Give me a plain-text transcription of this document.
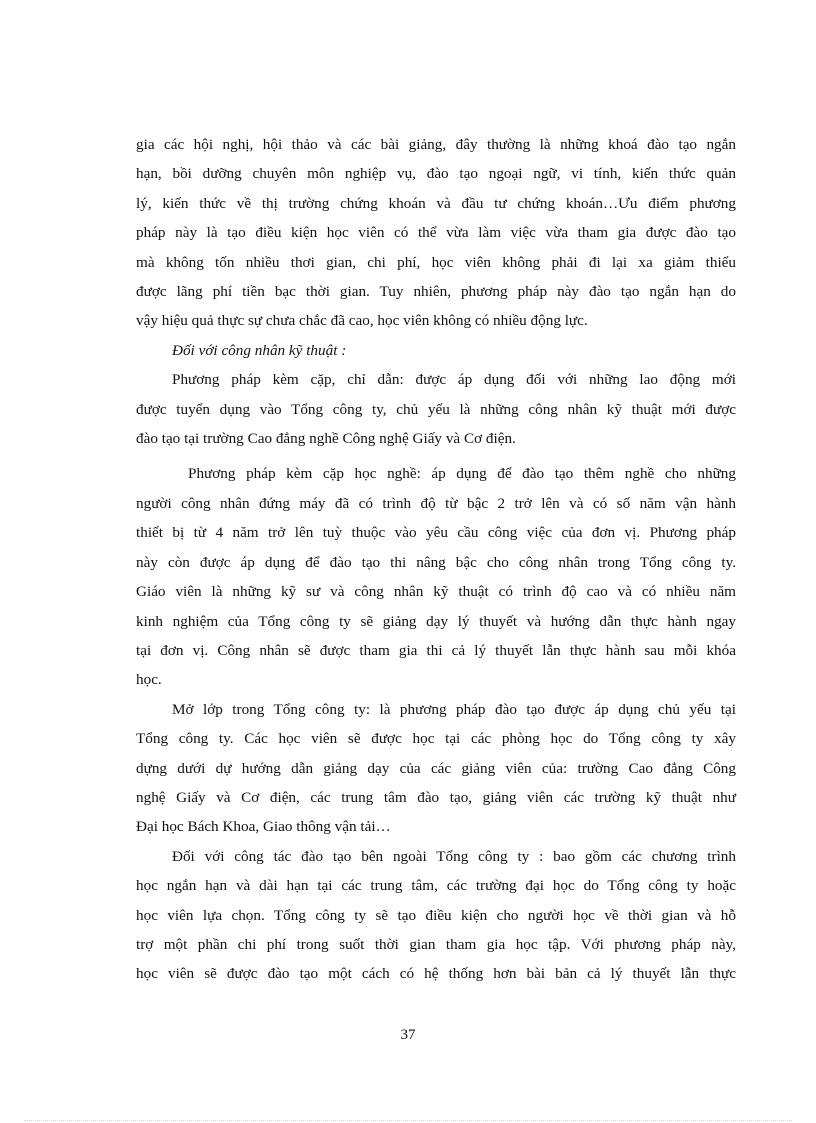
gia các hội nghị, hội thảo và các bài giảng, đây thường là những khoá đào tạo ngắn
hạn, bồi dưỡng chuyên môn nghiệp vụ, đào tạo ngoại ngữ, vi tính, kiến thức quản
lý, kiến thức về thị trường chứng khoán và đầu tư chứng khoán…Ưu điểm phương
pháp này là tạo điều kiện học viên có thể vừa làm việc vừa tham gia được đào tạo
mà không tốn nhiều thơi gian, chi phí, học viên không phải đi lại xa giảm thiểu
được lãng phí tiền bạc thời gian. Tuy nhiên, phương pháp này đào tạo ngắn hạn do
vậy hiệu quả thực sự chưa chắc đã cao, học viên không có nhiều động lực.

Đối với công nhân kỹ thuật :

Phương pháp kèm cặp, chỉ dẫn: được áp dụng đối với những lao động mới
được tuyển dụng vào Tổng công ty, chủ yếu là những công nhân kỹ thuật mới được
đào tạo tại trường Cao đẳng nghề Công nghệ Giấy và Cơ điện.

Phương pháp kèm cặp học nghề: áp dụng để đào tạo thêm nghề cho những
người công nhân đứng máy đã có trình độ từ bậc 2 trở lên và có số năm vận hành
thiết bị từ 4 năm trở lên tuỳ thuộc vào yêu cầu công việc của đơn vị. Phương pháp
này còn được áp dụng để đào tạo thi nâng bậc cho công nhân trong Tổng công ty.
Giáo viên là những kỹ sư và công nhân kỹ thuật có trình độ cao và có nhiều năm
kinh nghiệm của Tổng công ty sẽ giảng dạy lý thuyết và hướng dẫn thực hành ngay
tại đơn vị. Công nhân sẽ được tham gia thi cả lý thuyết lẫn thực hành sau mỗi khóa
học.

Mở lớp trong Tổng công ty: là phương pháp đào tạo được áp dụng chủ yếu tại
Tổng công ty. Các học viên sẽ được học tại các phòng học do Tổng công ty xây
dựng dưới dự hướng dẫn giảng dạy của các giảng viên của: trường Cao đẳng Công
nghệ Giấy và Cơ điện, các trung tâm đào tạo, giảng viên các trường kỹ thuật như
Đại học Bách Khoa, Giao thông vận tải…

Đối với công tác đào tạo bên ngoài Tổng công ty : bao gồm các chương trình
học ngắn hạn và dài hạn tại các trung tâm, các trường đại học do Tổng công ty hoặc
học viên lựa chọn. Tổng công ty sẽ tạo điều kiện cho người học về thời gian và hỗ
trợ một phần chi phí trong suốt thời gian tham gia học tập. Với phương pháp này,
học viên sẽ được đào tạo một cách có hệ thống hơn bài bản cả lý thuyết lẫn thực

37
